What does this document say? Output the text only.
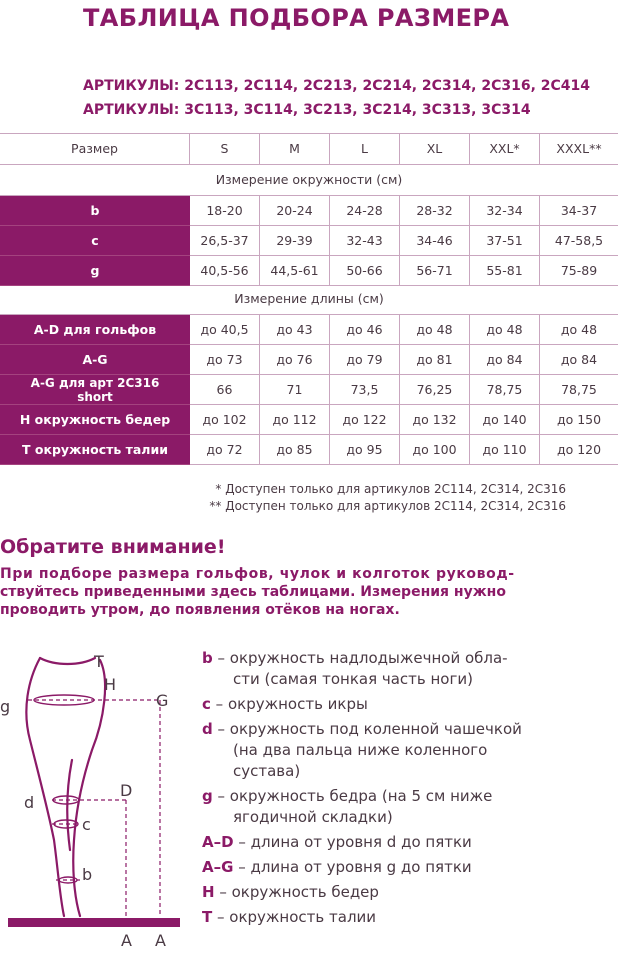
ТАБЛИЦА ПОДБОРА РАЗМЕРА
АРТИКУЛЫ: 2С113, 2С114, 2С213, 2С214, 2С314, 2С316, 2С414
АРТИКУЛЫ: 3С113, 3С114, 3С213, 3С214, 3С313, 3С314
Размер	S	M	L	XL	XXL*	XXXL**
Измерение окружности (см)
b	18-20	20-24	24-28	28-32	32-34	34-37
c	26,5-37	29-39	32-43	34-46	37-51	47-58,5
g	40,5-56	44,5-61	50-66	56-71	55-81	75-89
Измерение длины (см)
A-D для гольфов	до 40,5	до 43	до 46	до 48	до 48	до 48
A-G	до 73	до 76	до 79	до 81	до 84	до 84
A-G для арт 2С316
short	66	71	73,5	76,25	78,75	78,75
H окружность бедер	до 102	до 112	до 122	до 132	до 140	до 150
T окружность талии	до 72	до 85	до 95	до 100	до 110	до 120
* Доступен только для артикулов 2С114, 2С314, 2С316
** Доступен только для артикулов 2С114, 2С314, 2С316
Обратите внимание!
При подборе размера гольфов, чулок и колготок руковод-
ствуйтесь приведенными здесь таблицами. Измерения нужно
проводить утром, до появления отёков на ногах.
T
H
G
g
d
D
c
b
A A
b – окружность надлодыжечной обла-
сти (самая тонкая часть ноги)
c – окружность икры
d – окружность под коленной чашечкой
(на два пальца ниже коленного
сустава)
g – окружность бедра (на 5 см ниже
ягодичной складки)
A–D – длина от уровня d до пятки
A–G – длина от уровня g до пятки
H – окружность бедер
T – окружность талии
